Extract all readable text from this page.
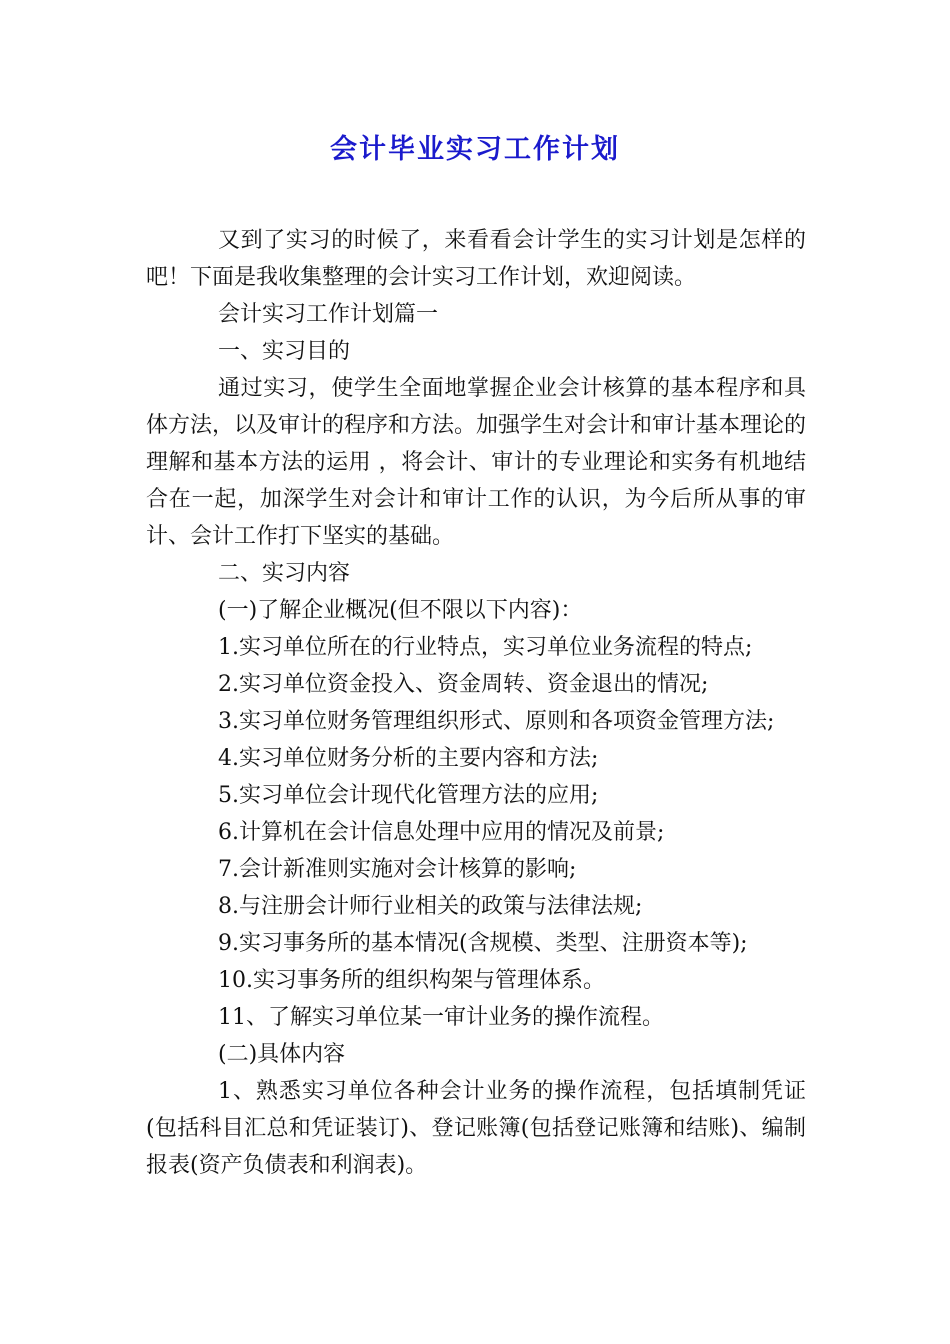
会计毕业实习工作计划

又到了实习的时候了，来看看会计学生的实习计划是怎样的吧！下面是我收集整理的会计实习工作计划，欢迎阅读。

会计实习工作计划篇一

一、实习目的

通过实习，使学生全面地掌握企业会计核算的基本程序和具体方法，以及审计的程序和方法。加强学生对会计和审计基本理论的理解和基本方法的运用 ，将会计、审计的专业理论和实务有机地结合在一起，加深学生对会计和审计工作的认识，为今后所从事的审计、会计工作打下坚实的基础。

二、实习内容

(一)了解企业概况(但不限以下内容)：

1.实习单位所在的行业特点，实习单位业务流程的特点;

2.实习单位资金投入、资金周转、资金退出的情况;

3.实习单位财务管理组织形式、原则和各项资金管理方法;

4.实习单位财务分析的主要内容和方法;

5.实习单位会计现代化管理方法的应用;

6.计算机在会计信息处理中应用的情况及前景;

7.会计新准则实施对会计核算的影响;

8.与注册会计师行业相关的政策与法律法规;

9.实习事务所的基本情况(含规模、类型、注册资本等);

10.实习事务所的组织构架与管理体系。

11、了解实习单位某一审计业务的操作流程。

(二)具体内容

1、熟悉实习单位各种会计业务的操作流程，包括填制凭证(包括科目汇总和凭证装订)、登记账簿(包括登记账簿和结账)、编制报表(资产负债表和利润表)。
